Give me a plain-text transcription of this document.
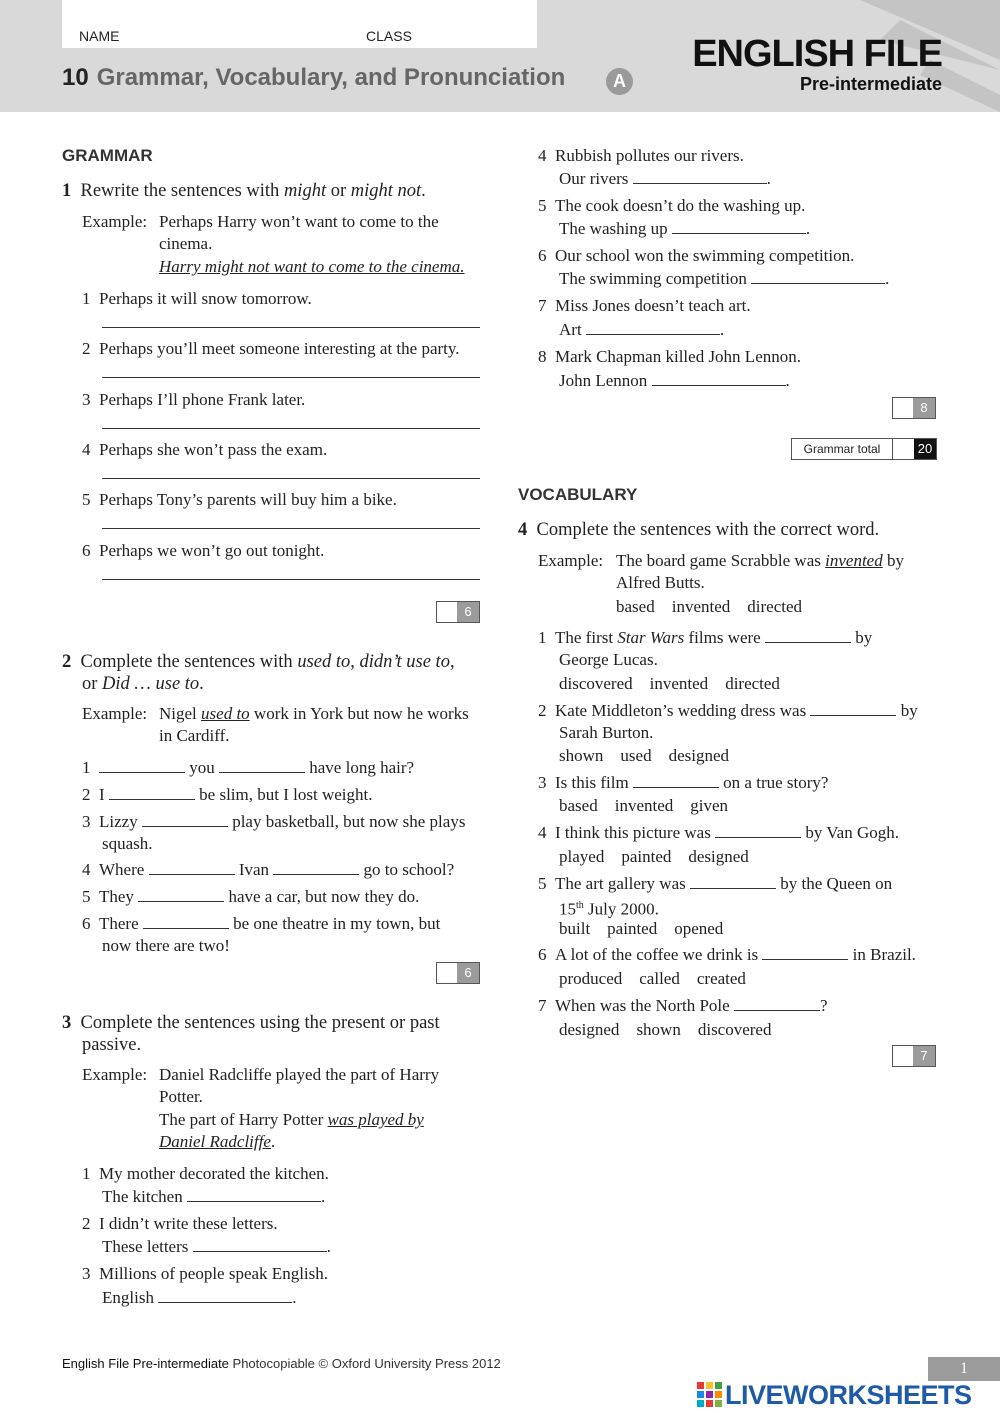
NAME	CLASS
10 Grammar, Vocabulary, and Pronunciation	A
ENGLISH FILE
Pre-intermediate
GRAMMAR
1 Rewrite the sentences with might or might not.
Example: Perhaps Harry won’t want to come to the
cinema.
Harry might not want to come to the cinema.
1 Perhaps it will snow tomorrow.
2 Perhaps you’ll meet someone interesting at the party.
3 Perhaps I’ll phone Frank later.
4 Perhaps she won’t pass the exam.
5 Perhaps Tony’s parents will buy him a bike.
6 Perhaps we won’t go out tonight.
6
2 Complete the sentences with used to, didn’t use to,
or Did … use to.
Example: Nigel used to work in York but now he works
in Cardiff.
1	you	have long hair?
2 I	be slim, but I lost weight.
3 Lizzy	play basketball, but now she plays
squash.
4 Where	Ivan	go to school?
5 They	have a car, but now they do.
6 There	be one theatre in my town, but
now there are two!
6
3 Complete the sentences using the present or past
passive.
Example: Daniel Radcliffe played the part of Harry
Potter.
The part of Harry Potter was played by
Daniel Radcliffe.
1 My mother decorated the kitchen.
The kitchen	.
2 I didn’t write these letters.
These letters	.
3 Millions of people speak English.
English	.
4 Rubbish pollutes our rivers.
Our rivers	.
5 The cook doesn’t do the washing up.
The washing up	.
6 Our school won the swimming competition.
The swimming competition	.
7 Miss Jones doesn’t teach art.
Art	.
8 Mark Chapman killed John Lennon.
John Lennon	.
8
Grammar total	20
VOCABULARY
4 Complete the sentences with the correct word.
Example: The board game Scrabble was invented by
Alfred Butts.
based invented directed
1 The first Star Wars films were	by
George Lucas.
discovered invented directed
2 Kate Middleton’s wedding dress was	by
Sarah Burton.
shown used designed
3 Is this film	on a true story?
based invented given
4 I think this picture was	by Van Gogh.
played painted designed
5 The art gallery was	by the Queen on
15th July 2000.
built painted opened
6 A lot of the coffee we drink is	in Brazil.
produced called created
7 When was the North Pole	?
designed shown discovered
7
English File Pre-intermediate Photocopiable © Oxford University Press 2012	1
LIVEWORKSHEETS
